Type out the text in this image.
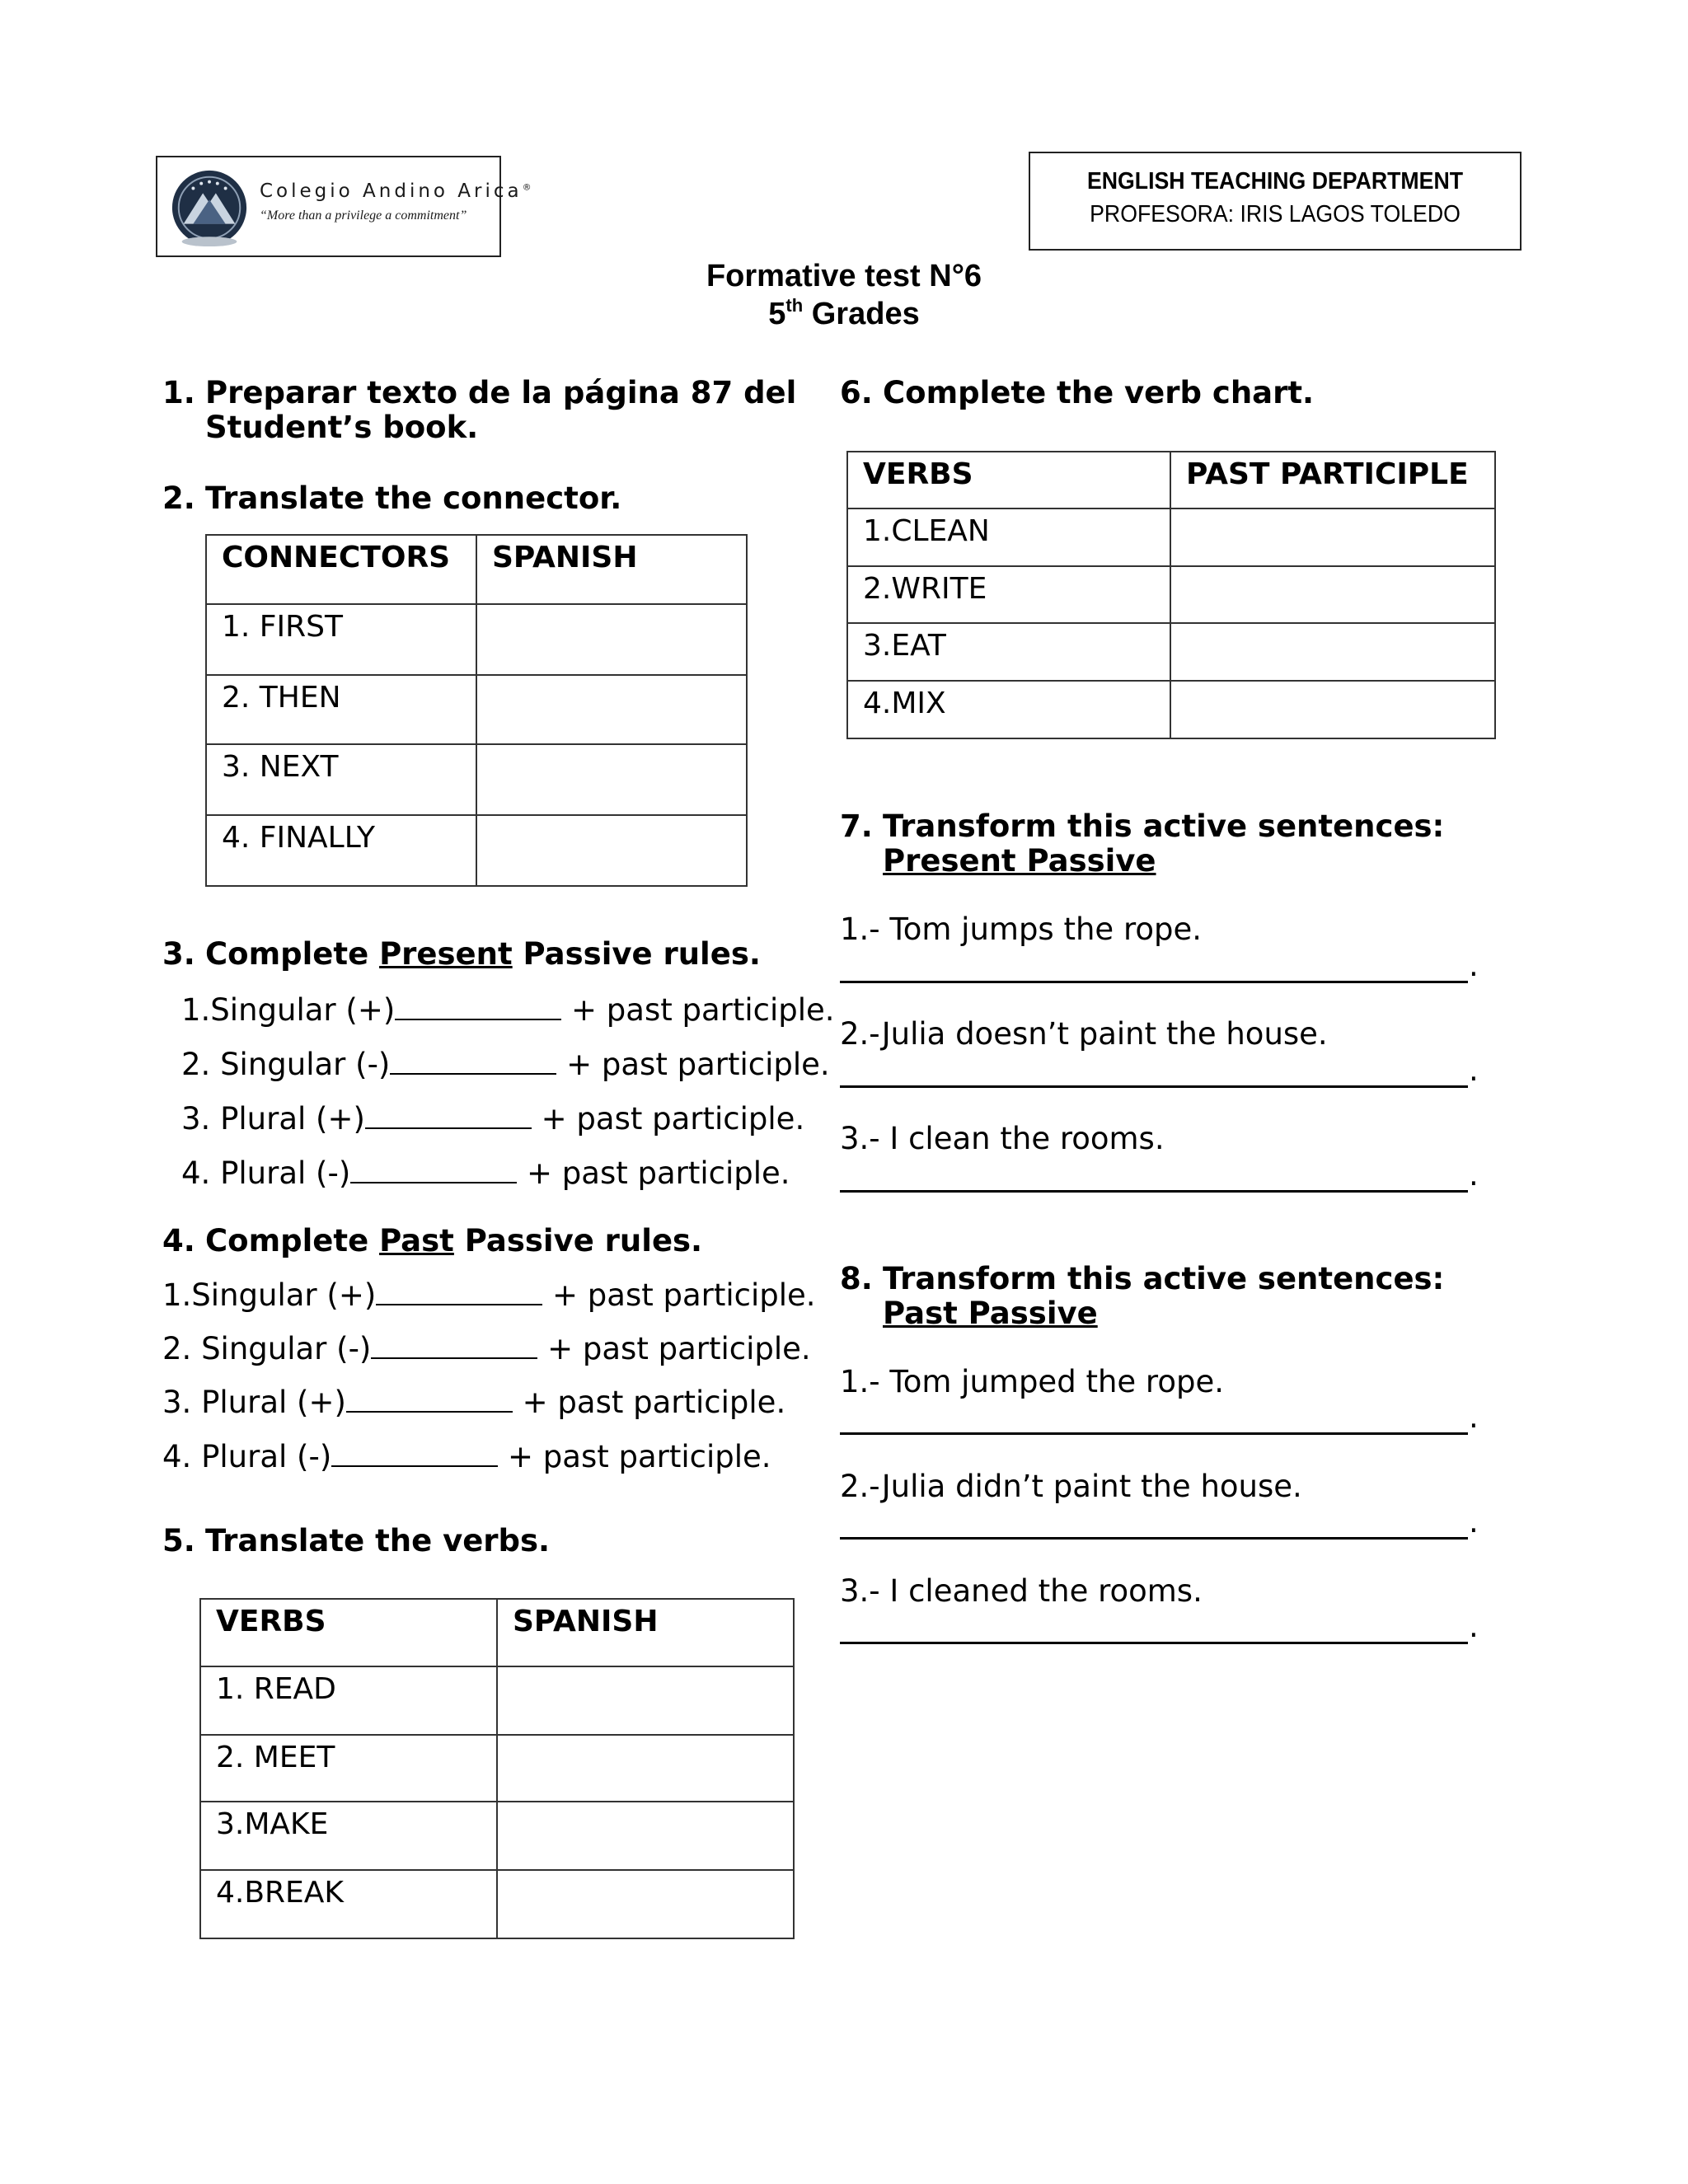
Colegio Andino Arica®
“More than a privilege a commitment”
ENGLISH TEACHING DEPARTMENT
PROFESORA: IRIS LAGOS TOLEDO
Formative test N°6
5th Grades
1. Preparar texto de la página 87 del
Student’s book.
2. Translate the connector.
CONNECTORS	SPANISH
1. FIRST	
2. THEN	
3. NEXT	
4. FINALLY	
3. Complete Present Passive rules.
1.Singular (+)	+ past participle.
2. Singular (-)	+ past participle.
3. Plural (+)	+ past participle.
4. Plural (-)	+ past participle.
4. Complete Past Passive rules.
1.Singular (+)	+ past participle.
2. Singular (-)	+ past participle.
3. Plural (+)	+ past participle.
4. Plural (-)	+ past participle.
5. Translate the verbs.
VERBS	SPANISH
1. READ	
2. MEET	
3.MAKE	
4.BREAK	
6. Complete the verb chart.
VERBS	PAST PARTICIPLE
1.CLEAN	
2.WRITE	
3.EAT	
4.MIX	
7. Transform this active sentences:
Present Passive
1.- Tom jumps the rope.
.
2.-Julia doesn’t paint the house.
.
3.- I clean the rooms.
.
8. Transform this active sentences:
Past Passive
1.- Tom jumped the rope.
.
2.-Julia didn’t paint the house.
.
3.- I cleaned the rooms.
.
